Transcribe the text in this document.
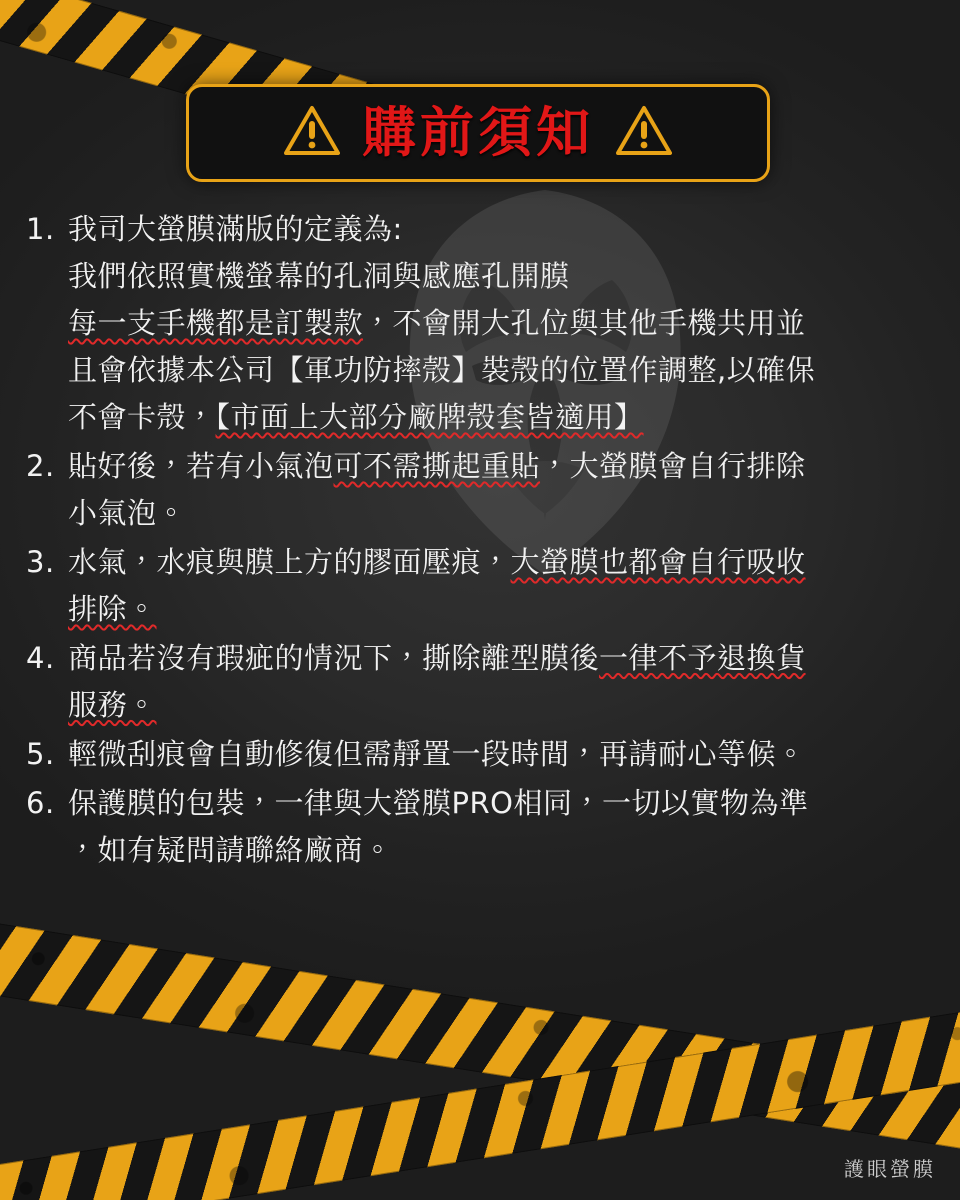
購前須知
1. 我司大螢膜滿版的定義為:
我們依照實機螢幕的孔洞與感應孔開膜
每一支手機都是訂製款，不會開大孔位與其他手機共用並
且會依據本公司【軍功防摔殼】裝殼的位置作調整,以確保
不會卡殼，【市面上大部分廠牌殼套皆適用】
2. 貼好後，若有小氣泡可不需撕起重貼，大螢膜會自行排除
小氣泡。
3. 水氣，水痕與膜上方的膠面壓痕，大螢膜也都會自行吸收
排除。
4. 商品若沒有瑕疵的情況下，撕除離型膜後一律不予退換貨
服務。
5. 輕微刮痕會自動修復但需靜置一段時間，再請耐心等候。
6. 保護膜的包裝，一律與大螢膜PRO相同，一切以實物為準
，如有疑問請聯絡廠商。
護眼螢膜
